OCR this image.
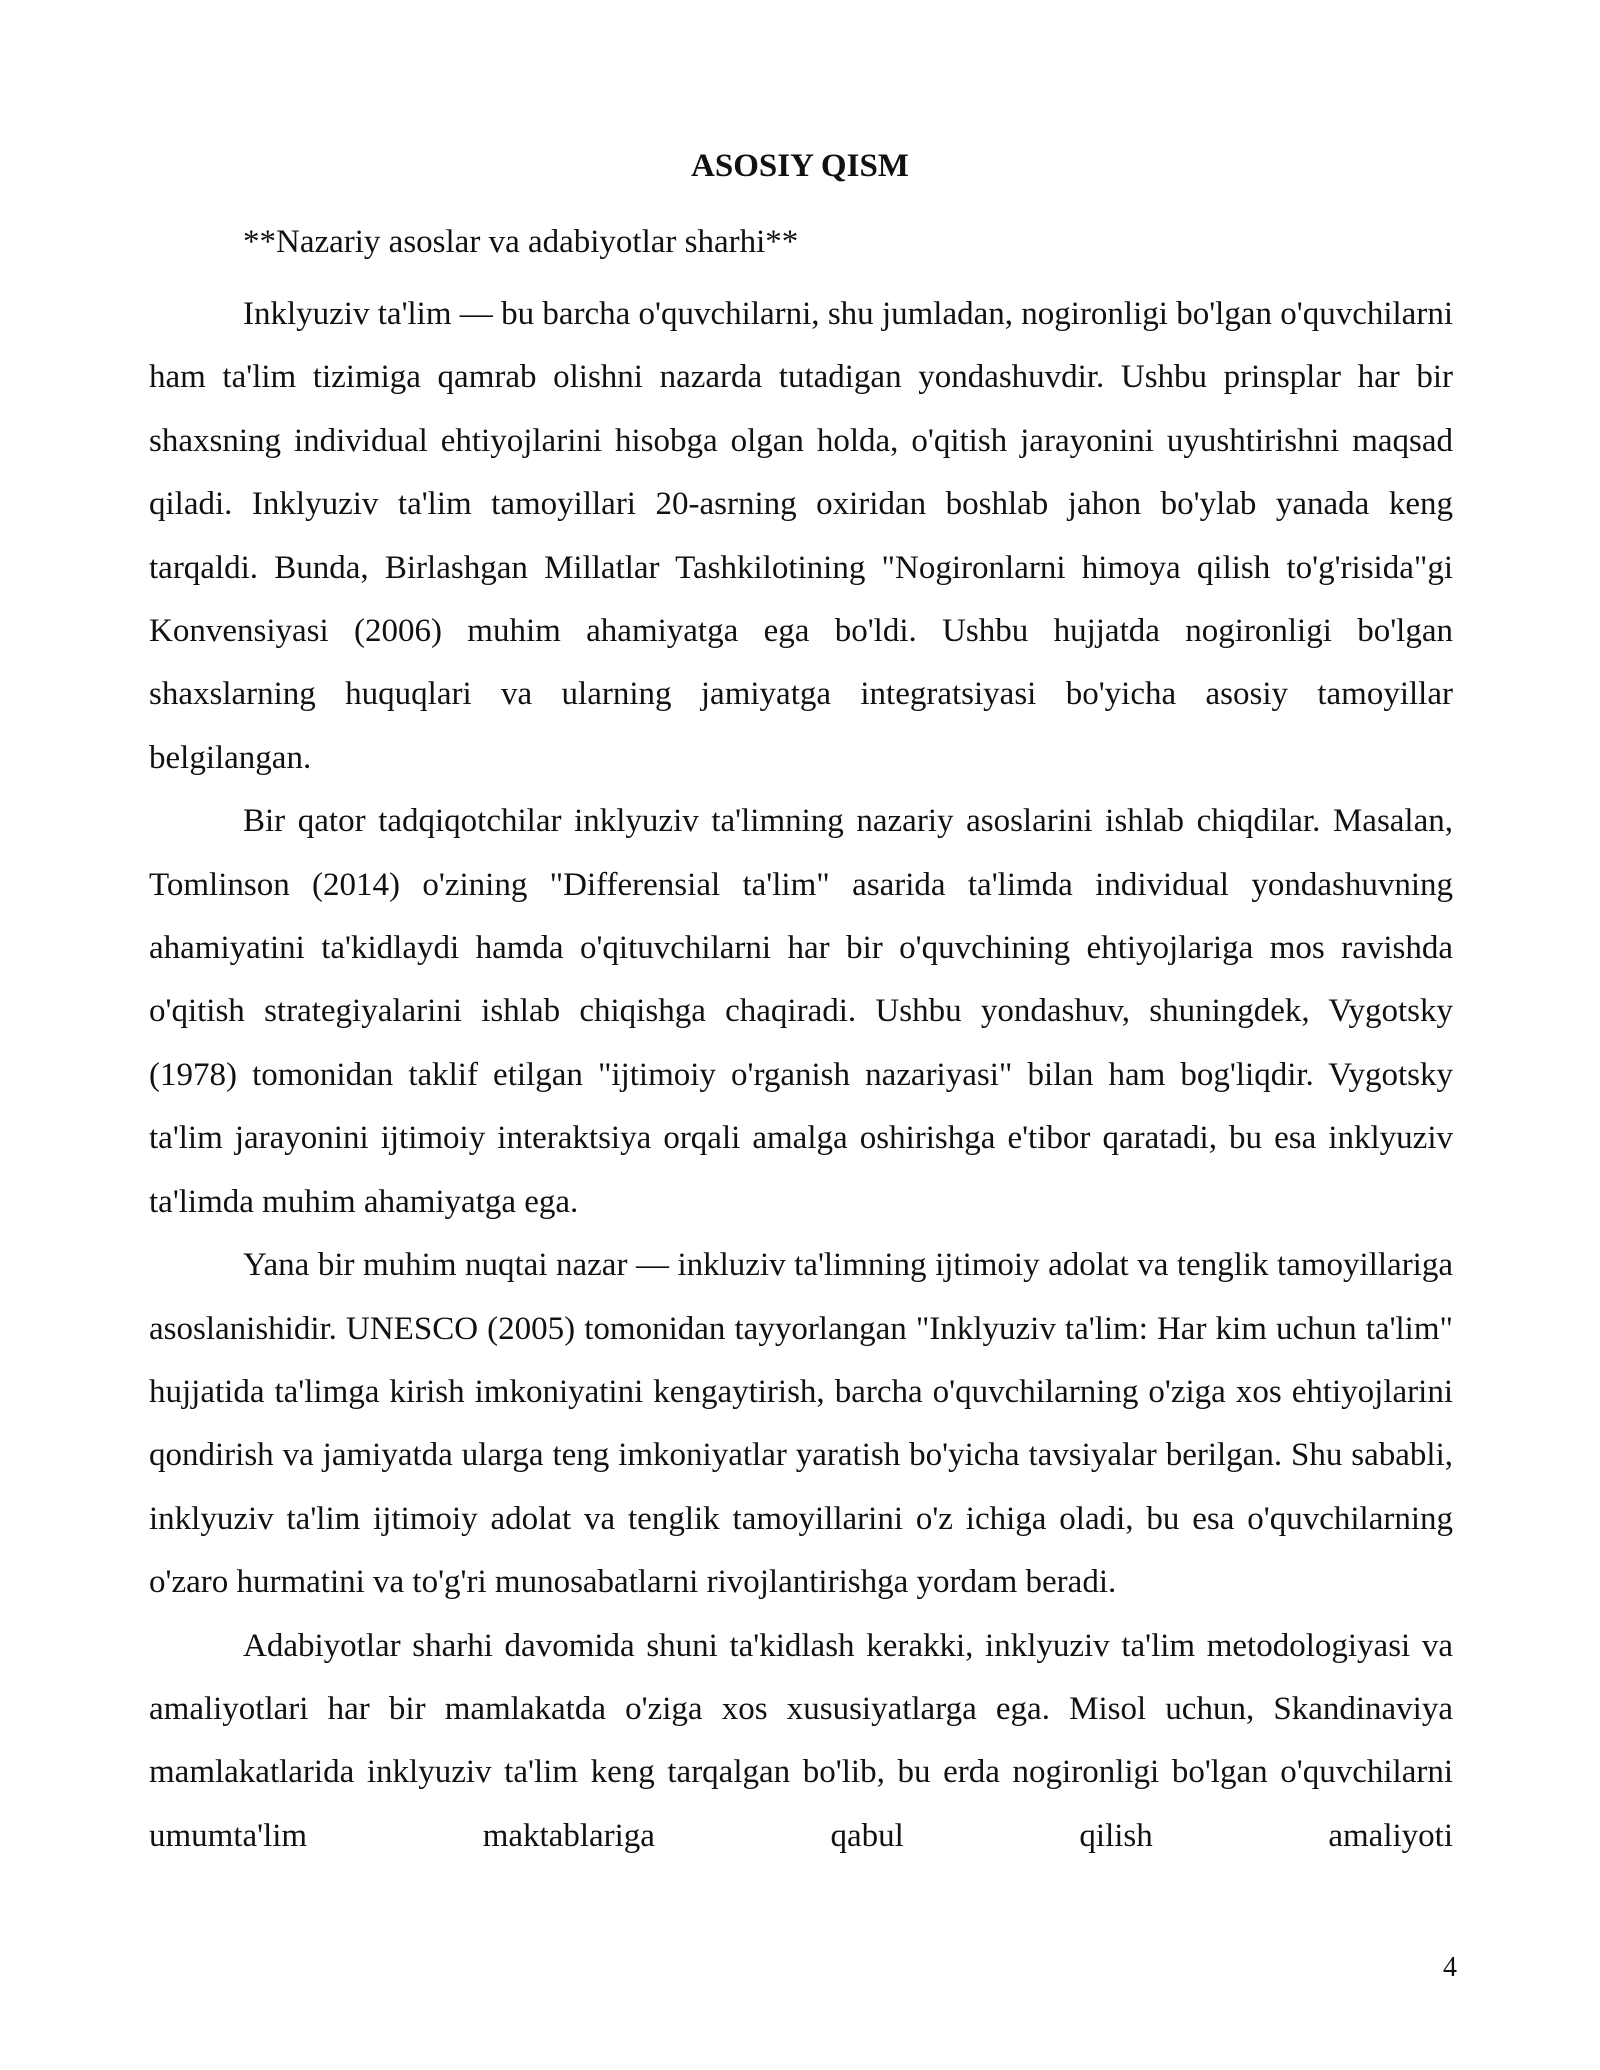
ASOSIY QISM

**Nazariy asoslar va adabiyotlar sharhi**

Inklyuziv ta'lim — bu barcha o'quvchilarni, shu jumladan, nogironligi bo'lgan o'quvchilarni ham ta'lim tizimiga qamrab olishni nazarda tutadigan yondashuvdir. Ushbu prinsplar har bir shaxsning individual ehtiyojlarini hisobga olgan holda, o'qitish jarayonini uyushtirishni maqsad qiladi. Inklyuziv ta'lim tamoyillari 20-asrning oxiridan boshlab jahon bo'ylab yanada keng tarqaldi. Bunda, Birlashgan Millatlar Tashkilotining "Nogironlarni himoya qilish to'g'risida"gi Konvensiyasi (2006) muhim ahamiyatga ega bo'ldi. Ushbu hujjatda nogironligi bo'lgan shaxslarning huquqlari va ularning jamiyatga integratsiyasi bo'yicha asosiy tamoyillar belgilangan.

Bir qator tadqiqotchilar inklyuziv ta'limning nazariy asoslarini ishlab chiqdilar. Masalan, Tomlinson (2014) o'zining "Differensial ta'lim" asarida ta'limda individual yondashuvning ahamiyatini ta'kidlaydi hamda o'qituvchilarni har bir o'quvchining ehtiyojlariga mos ravishda o'qitish strategiyalarini ishlab chiqishga chaqiradi. Ushbu yondashuv, shuningdek, Vygotsky (1978) tomonidan taklif etilgan "ijtimoiy o'rganish nazariyasi" bilan ham bog'liqdir. Vygotsky ta'lim jarayonini ijtimoiy interaktsiya orqali amalga oshirishga e'tibor qaratadi, bu esa inklyuziv ta'limda muhim ahamiyatga ega.

Yana bir muhim nuqtai nazar — inkluziv ta'limning ijtimoiy adolat va tenglik tamoyillariga asoslanishidir. UNESCO (2005) tomonidan tayyorlangan "Inklyuziv ta'lim: Har kim uchun ta'lim" hujjatida ta'limga kirish imkoniyatini kengaytirish, barcha o'quvchilarning o'ziga xos ehtiyojlarini qondirish va jamiyatda ularga teng imkoniyatlar yaratish bo'yicha tavsiyalar berilgan. Shu sababli, inklyuziv ta'lim ijtimoiy adolat va tenglik tamoyillarini o'z ichiga oladi, bu esa o'quvchilarning o'zaro hurmatini va to'g'ri munosabatlarni rivojlantirishga yordam beradi.

Adabiyotlar sharhi davomida shuni ta'kidlash kerakki, inklyuziv ta'lim metodologiyasi va amaliyotlari har bir mamlakatda o'ziga xos xususiyatlarga ega. Misol uchun, Skandinaviya mamlakatlarida inklyuziv ta'lim keng tarqalgan bo'lib, bu erda nogironligi bo'lgan o'quvchilarni umumta'lim maktablariga qabul qilish amaliyoti

4
